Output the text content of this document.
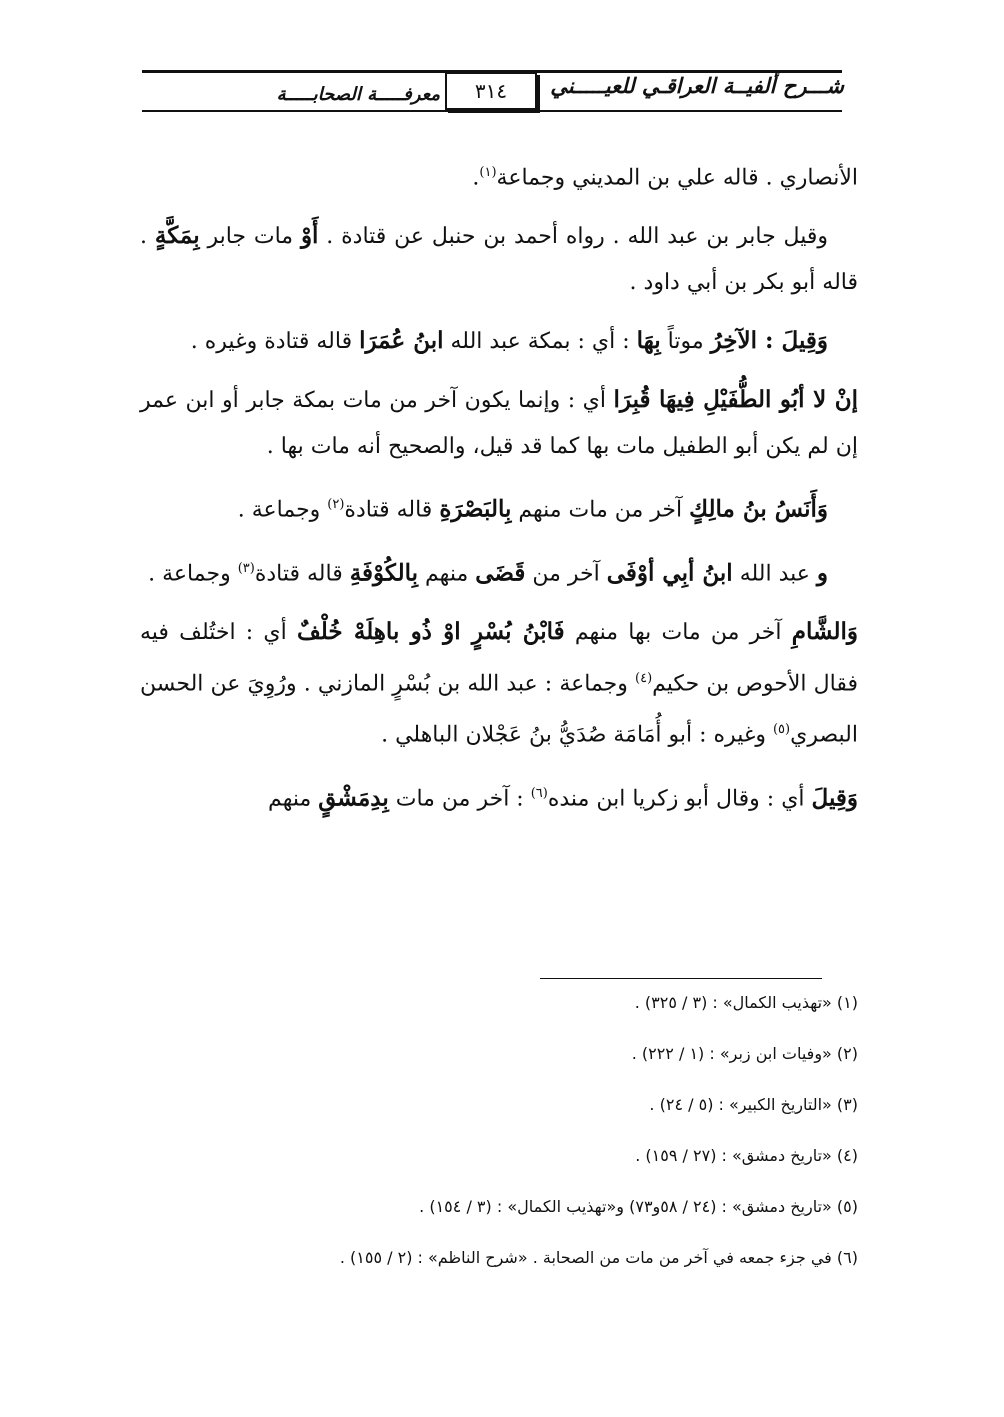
شـــرح ألفيــة العراقـي للعيـــــني
٣١٤
معرفـــــة الصحابـــــة

الأنصاري . قاله علي بن المديني وجماعة$^{(١)}$.

وقيل جابر بن عبد الله . رواه أحمد بن حنبل عن قتادة . أَوْ مات جابر بِمَكَّةٍ . قاله أبو بكر بن أبي داود .

وَقِيلَ : الآخِرُ موتاً بِهَا : أي : بمكة عبد الله ابنُ عُمَرَا قاله قتادة وغيره .

إنْ لا أبُو الطُّفَيْلِ فِيهَا قُبِرَا أي : وإنما يكون آخر من مات بمكة جابر أو ابن عمر إن لم يكن أبو الطفيل مات بها كما قد قيل، والصحيح أنه مات بها .

وَأَنَسُ بنُ مالِكٍ آخر من مات منهم بِالبَصْرَةِ قاله قتادة$^{(٢)}$ وجماعة .

و عبد الله ابنُ أبِي أوْفَى آخر من قَضَى منهم بِالكُوْفَةِ قاله قتادة$^{(٣)}$ وجماعة .

وَالشَّامِ آخر من مات بها منهم فَابْنُ بُسْرٍ اوْ ذُو باهِلَهْ خُلْفٌ أي : اختُلف فيه فقال الأحوص بن حكيم$^{(٤)}$ وجماعة : عبد الله بن بُسْرٍ المازني . ورُوِيَ عن الحسن البصري$^{(٥)}$ وغيره : أبو أُمَامَة صُدَيُّ بنُ عَجْلان الباهلي .

وَقِيلَ أي : وقال أبو زكريا ابن منده$^{(٦)}$ : آخر من مات بِدِمَشْقٍ منهم

(١) «تهذيب الكمال» : (٣ / ٣٢٥) .
(٢) «وفيات ابن زبر» : (١ / ٢٢٢) .
(٣) «التاريخ الكبير» : (٥ / ٢٤) .
(٤) «تاريخ دمشق» : (٢٧ / ١٥٩) .
(٥) «تاريخ دمشق» : (٢٤ / ٥٨و٧٣) و«تهذيب الكمال» : (٣ / ١٥٤) .
(٦) في جزء جمعه في آخر من مات من الصحابة . «شرح الناظم» : (٢ / ١٥٥) .
